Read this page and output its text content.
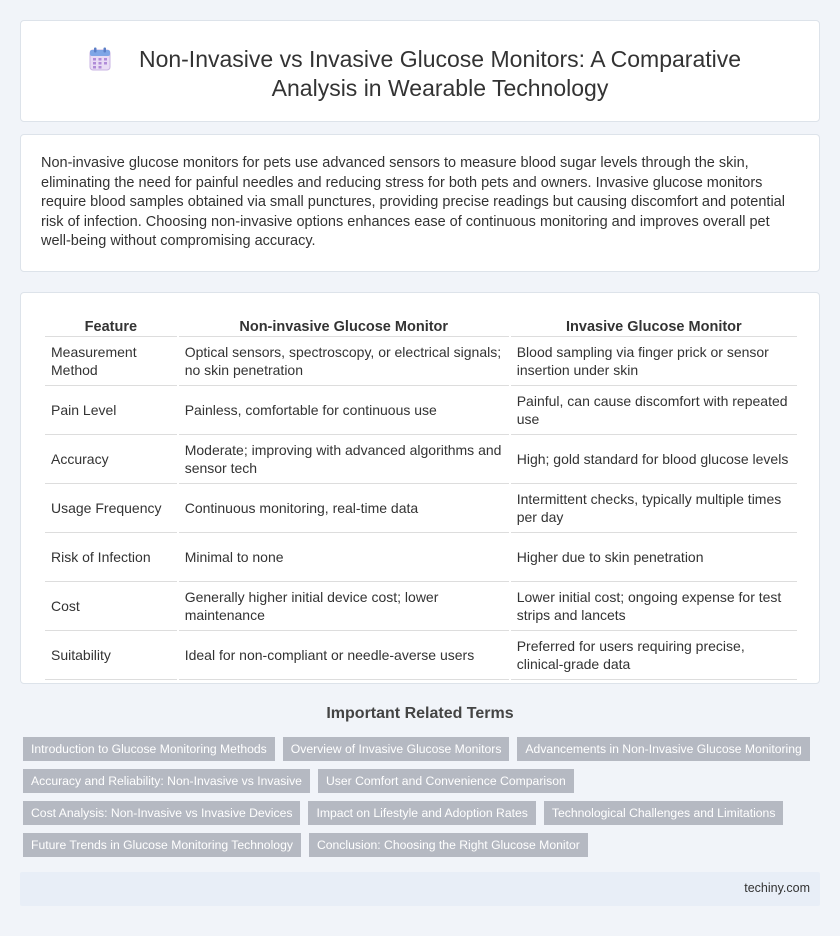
Non-Invasive vs Invasive Glucose Monitors: A Comparative Analysis in Wearable Technology

Non-invasive glucose monitors for pets use advanced sensors to measure blood sugar levels through the skin, eliminating the need for painful needles and reducing stress for both pets and owners. Invasive glucose monitors require blood samples obtained via small punctures, providing precise readings but causing discomfort and potential risk of infection. Choosing non-invasive options enhances ease of continuous monitoring and improves overall pet well-being without compromising accuracy.

Feature	Non-invasive Glucose Monitor	Invasive Glucose Monitor
Measurement Method	Optical sensors, spectroscopy, or electrical signals; no skin penetration	Blood sampling via finger prick or sensor insertion under skin
Pain Level	Painless, comfortable for continuous use	Painful, can cause discomfort with repeated use
Accuracy	Moderate; improving with advanced algorithms and sensor tech	High; gold standard for blood glucose levels
Usage Frequency	Continuous monitoring, real-time data	Intermittent checks, typically multiple times per day
Risk of Infection	Minimal to none	Higher due to skin penetration
Cost	Generally higher initial device cost; lower maintenance	Lower initial cost; ongoing expense for test strips and lancets
Suitability	Ideal for non-compliant or needle-averse users	Preferred for users requiring precise, clinical-grade data
Important Related Terms
Introduction to Glucose Monitoring Methods	Overview of Invasive Glucose Monitors	Advancements in Non-Invasive Glucose Monitoring
Accuracy and Reliability: Non-Invasive vs Invasive	User Comfort and Convenience Comparison
Cost Analysis: Non-Invasive vs Invasive Devices	Impact on Lifestyle and Adoption Rates	Technological Challenges and Limitations
Future Trends in Glucose Monitoring Technology	Conclusion: Choosing the Right Glucose Monitor
techiny.com
